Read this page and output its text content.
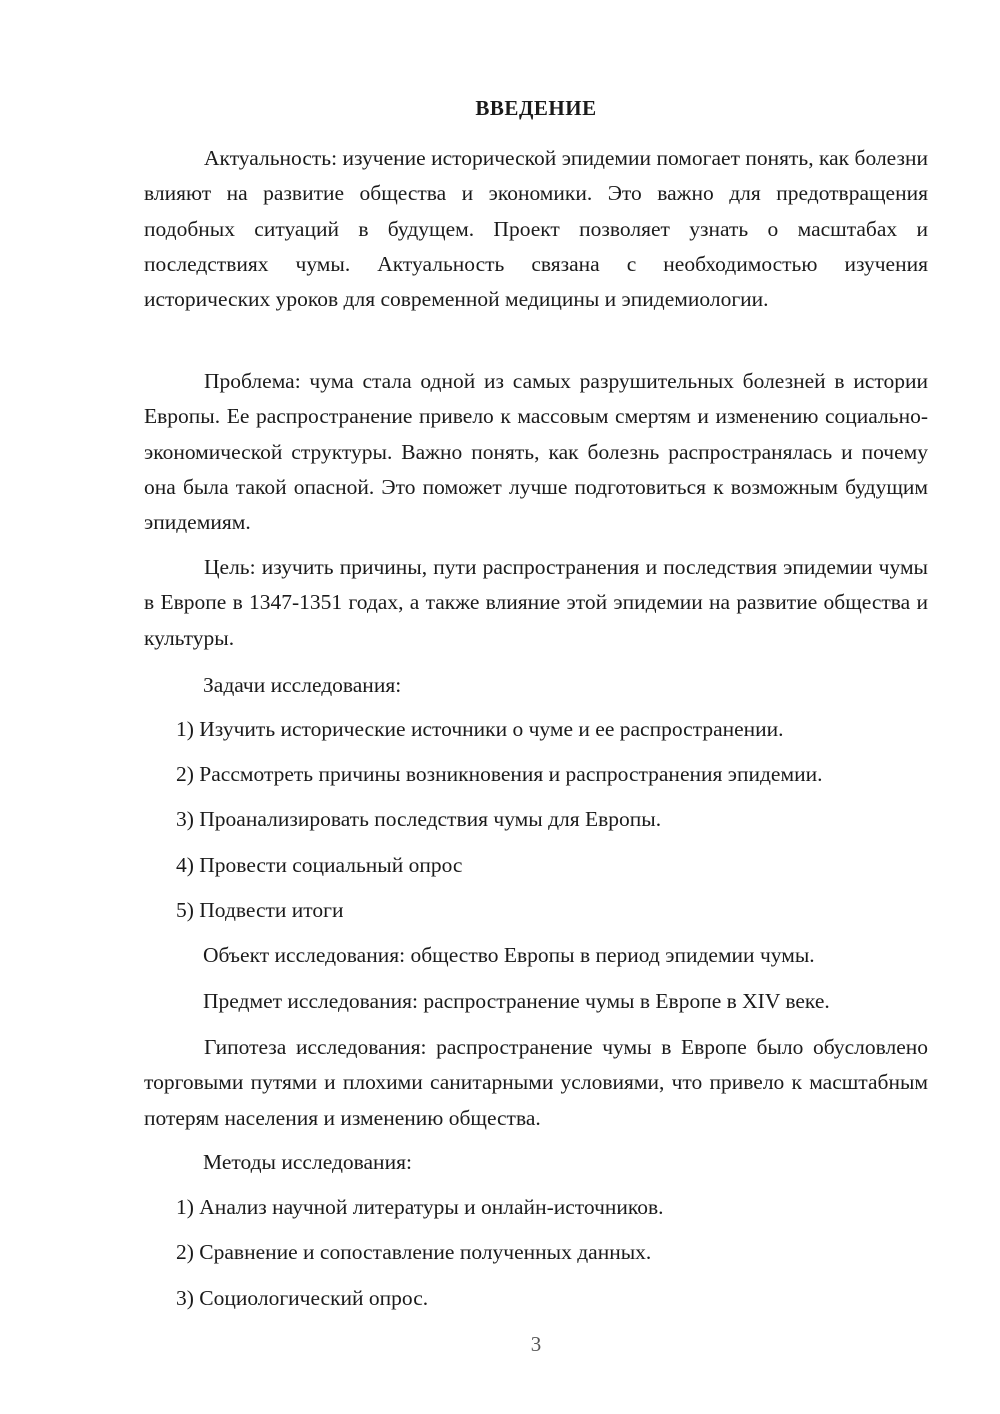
ВВЕДЕНИЕ

Актуальность: изучение исторической эпидемии помогает понять, как болезни влияют на развитие общества и экономики. Это важно для предотвращения подобных ситуаций в будущем. Проект позволяет узнать о масштабах и последствиях чумы. Актуальность связана с необходимостью изучения исторических уроков для современной медицины и эпидемиологии.

Проблема: чума стала одной из самых разрушительных болезней в истории Европы. Ее распространение привело к массовым смертям и изменению социально-экономической структуры. Важно понять, как болезнь распространялась и почему она была такой опасной. Это поможет лучше подготовиться к возможным будущим эпидемиям.

Цель: изучить причины, пути распространения и последствия эпидемии чумы в Европе в 1347-1351 годах, а также влияние этой эпидемии на развитие общества и культуры.

Задачи исследования:
1) Изучить исторические источники о чуме и ее распространении.
2) Рассмотреть причины возникновения и распространения эпидемии.
3) Проанализировать последствия чумы для Европы.
4) Провести социальный опрос
5) Подвести итоги
Объект исследования: общество Европы в период эпидемии чумы.
Предмет исследования: распространение чумы в Европе в XIV веке.

Гипотеза исследования: распространение чумы в Европе было обусловлено торговыми путями и плохими санитарными условиями, что привело к масштабным потерям населения и изменению общества.

Методы исследования:
1) Анализ научной литературы и онлайн-источников.
2) Сравнение и сопоставление полученных данных.
3) Социологический опрос.
3
